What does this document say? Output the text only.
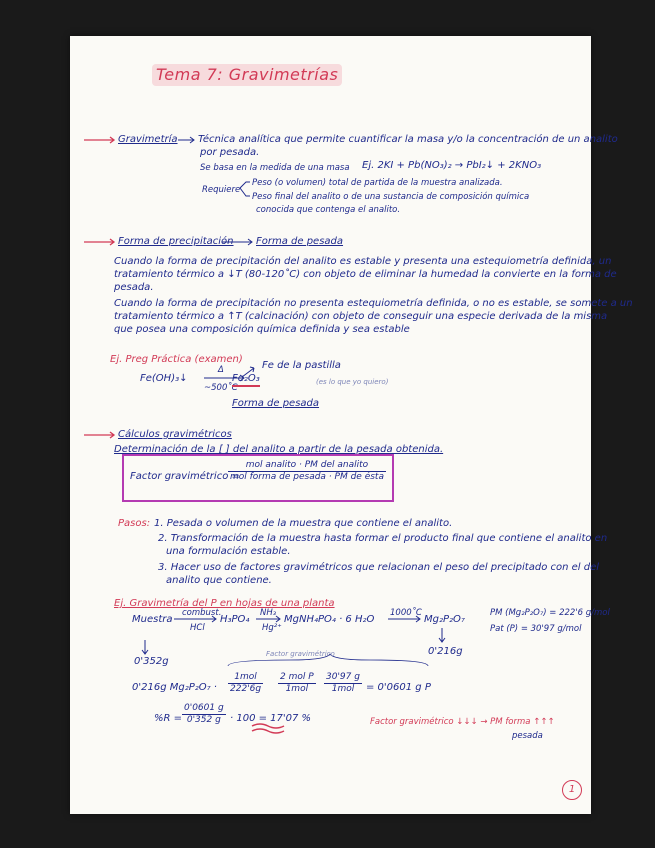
Tema 7: Gravimetrías
Gravimetría Técnica analítica que permite cuantificar la masa y/o la concentración de un analito
por pesada.
Se basa en la medida de una masa Ej. 2KI + Pb(NO₃)₂ → PbI₂↓ + 2KNO₃
Requiere
Peso (o volumen) total de partida de la muestra analizada.
Peso final del analito o de una sustancia de composición química
conocida que contenga el analito.
Forma de precipitación Forma de pesada
Cuando la forma de precipitación del analito es estable y presenta una estequiometría definida, un
tratamiento térmico a ↓T (80-120˚C) con objeto de eliminar la humedad la convierte en la forma de
pesada.
Cuando la forma de precipitación no presenta estequiometría definida, o no es estable, se somete a un
tratamiento térmico a ↑T (calcinación) con objeto de conseguir una especie derivada de la misma
que posea una composición química definida y sea estable
Ej. Preg Práctica (examen)
Fe(OH)₃↓
Δ
~500˚C
Fe₂O₃
Fe de la pastilla
(es lo que yo quiero)
Forma de pesada
Cálculos gravimétricos
Determinación de la [ ] del analito a partir de la pesada obtenida.
Factor gravimétrico =
mol analito · PM del analito
mol forma de pesada · PM de ésta
Pasos: 1. Pesada o volumen de la muestra que contiene el analito.
2. Transformación de la muestra hasta formar el producto final que contiene el analito en
una formulación estable.
3. Hacer uso de factores gravimétricos que relacionan el peso del precipitado con el del
analito que contiene.
Ej. Gravimetría del P en hojas de una planta
Muestra
combust.
HCl
H₃PO₄
NH₃
Hg²⁺
MgNH₄PO₄ · 6 H₂O
1000˚C
Mg₂P₂O₇
PM (Mg₂P₂O₇) = 222'6 g/mol
Pat (P) = 30'97 g/mol
0'352g
0'216g
Factor gravimétrico
0'216g Mg₂P₂O₇ ·
1mol
222'6g
2 mol P
1mol
30'97 g
1mol	= 0'0601 g P
$\%R = \frac{0'0601 g}{0'352 g} \cdot 100 = 17'07$ %	Factor gravimétrico ↓↓↓ → PM forma ↑↑↑
pesada
1
